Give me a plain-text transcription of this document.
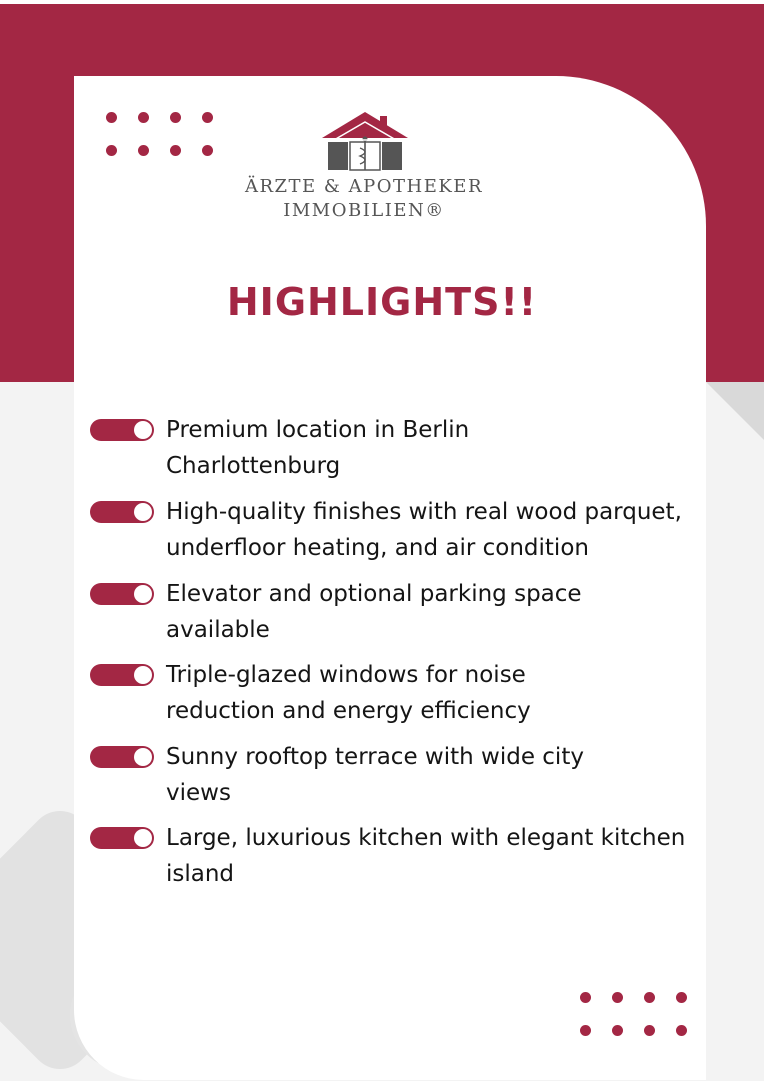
ÄRZTE & APOTHEKER
IMMOBILIEN®
HIGHLIGHTS!!
Premium location in Berlin
Charlottenburg
High-quality finishes with real wood parquet,
underfloor heating, and air condition
Elevator and optional parking space
available
Triple-glazed windows for noise
reduction and energy efficiency
Sunny rooftop terrace with wide city
views
Large, luxurious kitchen with elegant kitchen
island
